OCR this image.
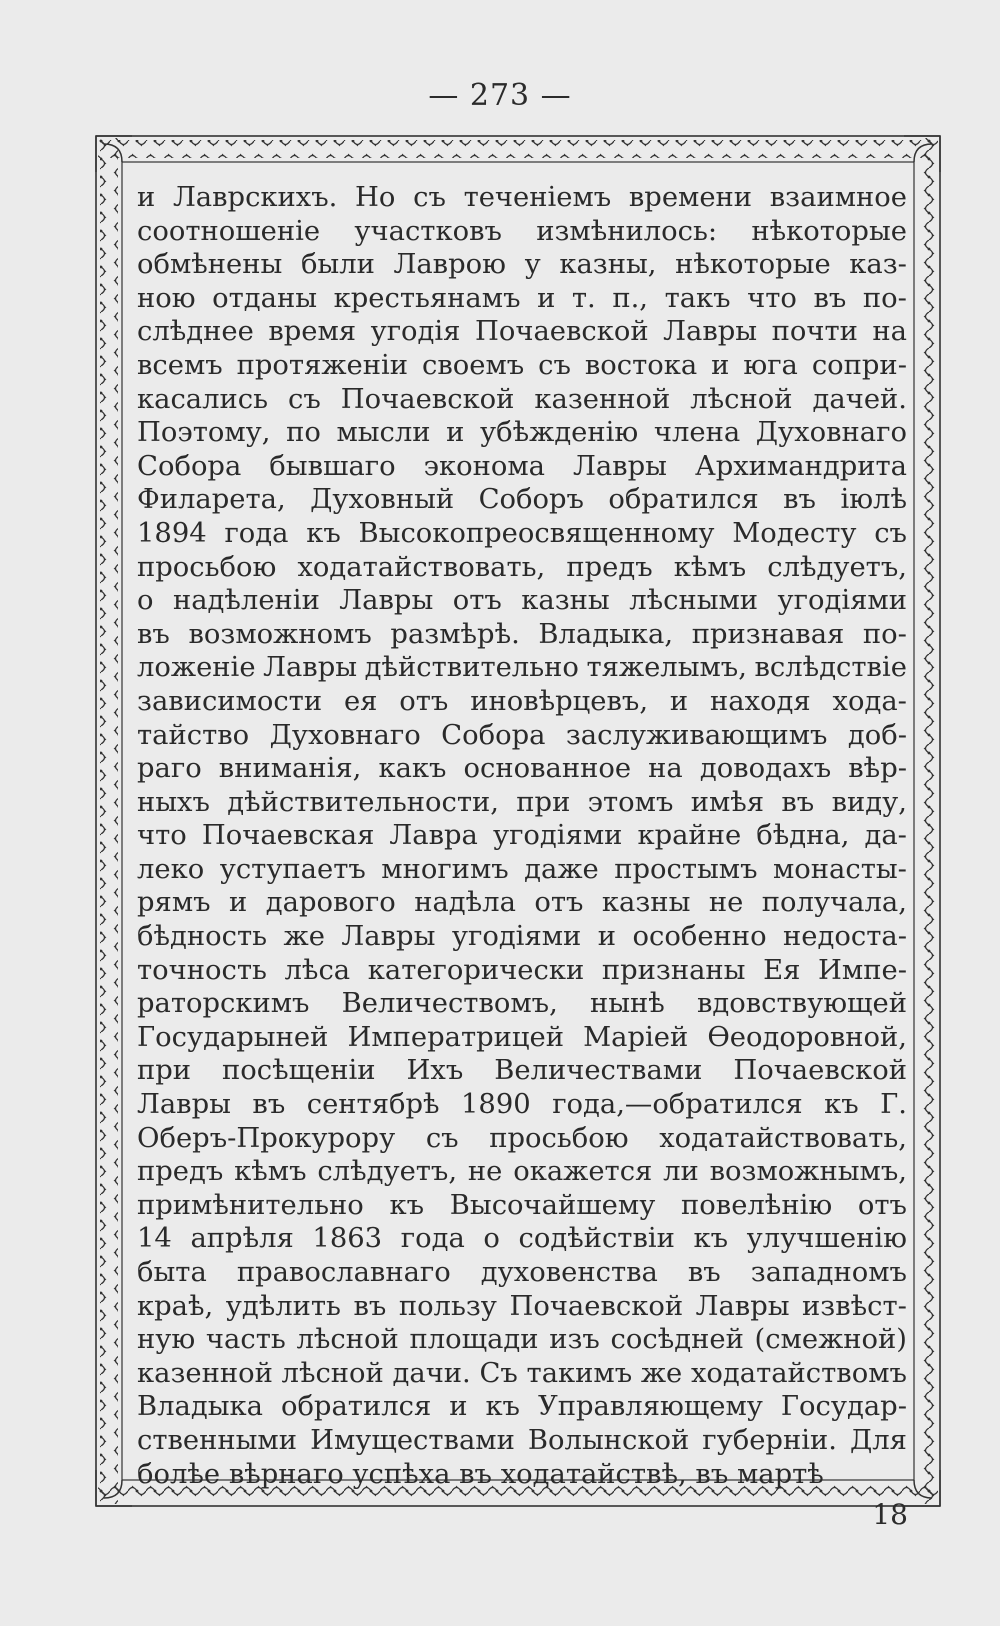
— 273 —
и Лаврскихъ. Но съ теченіемъ времени взаимное
соотношеніе участковъ измѣнилось: нѣкоторые
обмѣнены были Лаврою у казны, нѣкоторые каз-
ною отданы крестьянамъ и т. п., такъ что въ по-
слѣднее время угодія Почаевской Лавры почти на
всемъ протяженіи своемъ съ востока и юга сопри-
касались съ Почаевской казенной лѣсной дачей.
Поэтому, по мысли и убѣжденію члена Духовнаго
Собора бывшаго эконома Лавры Архимандрита
Филарета, Духовный Соборъ обратился въ іюлѣ
1894 года къ Высокопреосвященному Модесту съ
просьбою ходатайствовать, предъ кѣмъ слѣдуетъ,
о надѣленіи Лавры отъ казны лѣсными угодіями
въ возможномъ размѣрѣ. Владыка, признавая по-
ложеніе Лавры дѣйствительно тяжелымъ, вслѣдствіе
зависимости ея отъ иновѣрцевъ, и находя хода-
тайство Духовнаго Собора заслуживающимъ доб-
раго вниманія, какъ основанное на доводахъ вѣр-
ныхъ дѣйствительности, при этомъ имѣя въ виду,
что Почаевская Лавра угодіями крайне бѣдна, да-
леко уступаетъ многимъ даже простымъ монасты-
рямъ и дарового надѣла отъ казны не получала,
бѣдность же Лавры угодіями и особенно недоста-
точность лѣса категорически признаны Ея Импе-
раторскимъ Величествомъ, нынѣ вдовствующей
Государыней Императрицей Маріей Ѳеодоровной,
при посѣщеніи Ихъ Величествами Почаевской
Лавры въ сентябрѣ 1890 года,—обратился къ Г.
Оберъ-Прокурору съ просьбою ходатайствовать,
предъ кѣмъ слѣдуетъ, не окажется ли возможнымъ,
примѣнительно къ Высочайшему повелѣнію отъ
14 апрѣля 1863 года о содѣйствіи къ улучшенію
быта православнаго духовенства въ западномъ
краѣ, удѣлить въ пользу Почаевской Лавры извѣст-
ную часть лѣсной площади изъ сосѣдней (смежной)
казенной лѣсной дачи. Съ такимъ же ходатайствомъ
Владыка обратился и къ Управляющему Государ-
ственными Имуществами Волынской губерніи. Для
болѣе вѣрнаго успѣха въ ходатайствѣ, въ мартѣ
18
